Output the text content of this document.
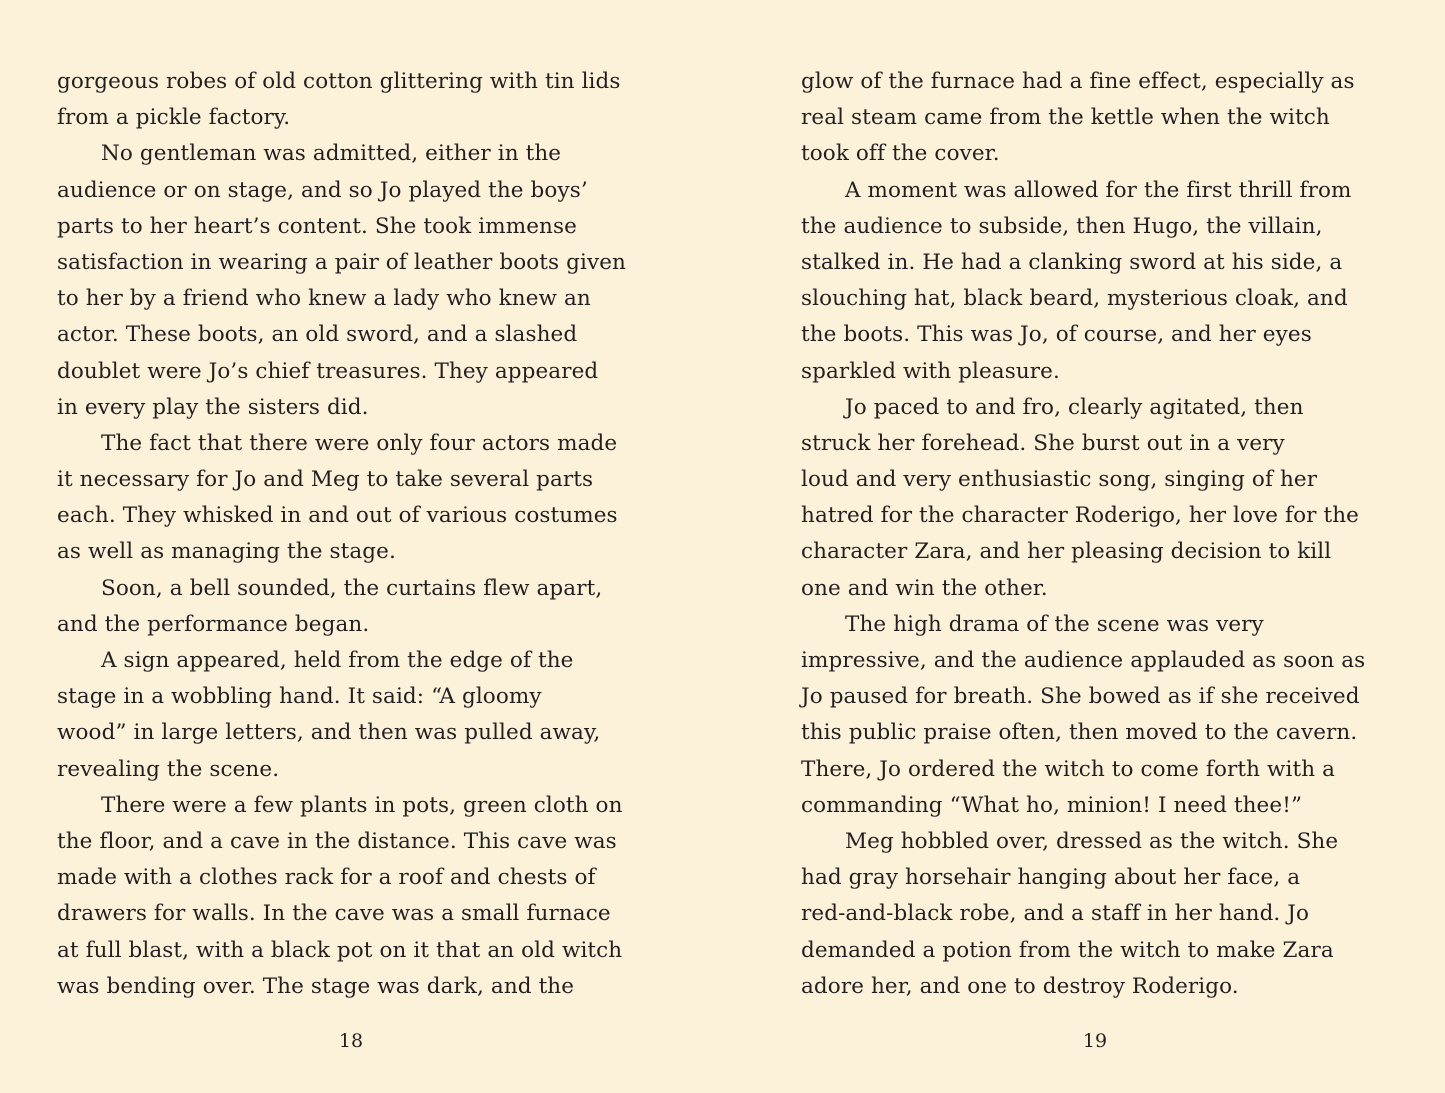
gorgeous robes of old cotton glittering with tin lids
from a pickle factory.
No gentleman was admitted, either in the
audience or on stage, and so Jo played the boys’
parts to her heart’s content. She took immense
satisfaction in wearing a pair of leather boots given
to her by a friend who knew a lady who knew an
actor. These boots, an old sword, and a slashed
doublet were Jo’s chief treasures. They appeared
in every play the sisters did.
The fact that there were only four actors made
it necessary for Jo and Meg to take several parts
each. They whisked in and out of various costumes
as well as managing the stage.
Soon, a bell sounded, the curtains flew apart,
and the performance began.
A sign appeared, held from the edge of the
stage in a wobbling hand. It said: “A gloomy
wood” in large letters, and then was pulled away,
revealing the scene.
There were a few plants in pots, green cloth on
the floor, and a cave in the distance. This cave was
made with a clothes rack for a roof and chests of
drawers for walls. In the cave was a small furnace
at full blast, with a black pot on it that an old witch
was bending over. The stage was dark, and the
glow of the furnace had a fine effect, especially as
real steam came from the kettle when the witch
took off the cover.
A moment was allowed for the first thrill from
the audience to subside, then Hugo, the villain,
stalked in. He had a clanking sword at his side, a
slouching hat, black beard, mysterious cloak, and
the boots. This was Jo, of course, and her eyes
sparkled with pleasure.
Jo paced to and fro, clearly agitated, then
struck her forehead. She burst out in a very
loud and very enthusiastic song, singing of her
hatred for the character Roderigo, her love for the
character Zara, and her pleasing decision to kill
one and win the other.
The high drama of the scene was very
impressive, and the audience applauded as soon as
Jo paused for breath. She bowed as if she received
this public praise often, then moved to the cavern.
There, Jo ordered the witch to come forth with a
commanding “What ho, minion! I need thee!”
Meg hobbled over, dressed as the witch. She
had gray horsehair hanging about her face, a
red-and-black robe, and a staff in her hand. Jo
demanded a potion from the witch to make Zara
adore her, and one to destroy Roderigo.
18	19
